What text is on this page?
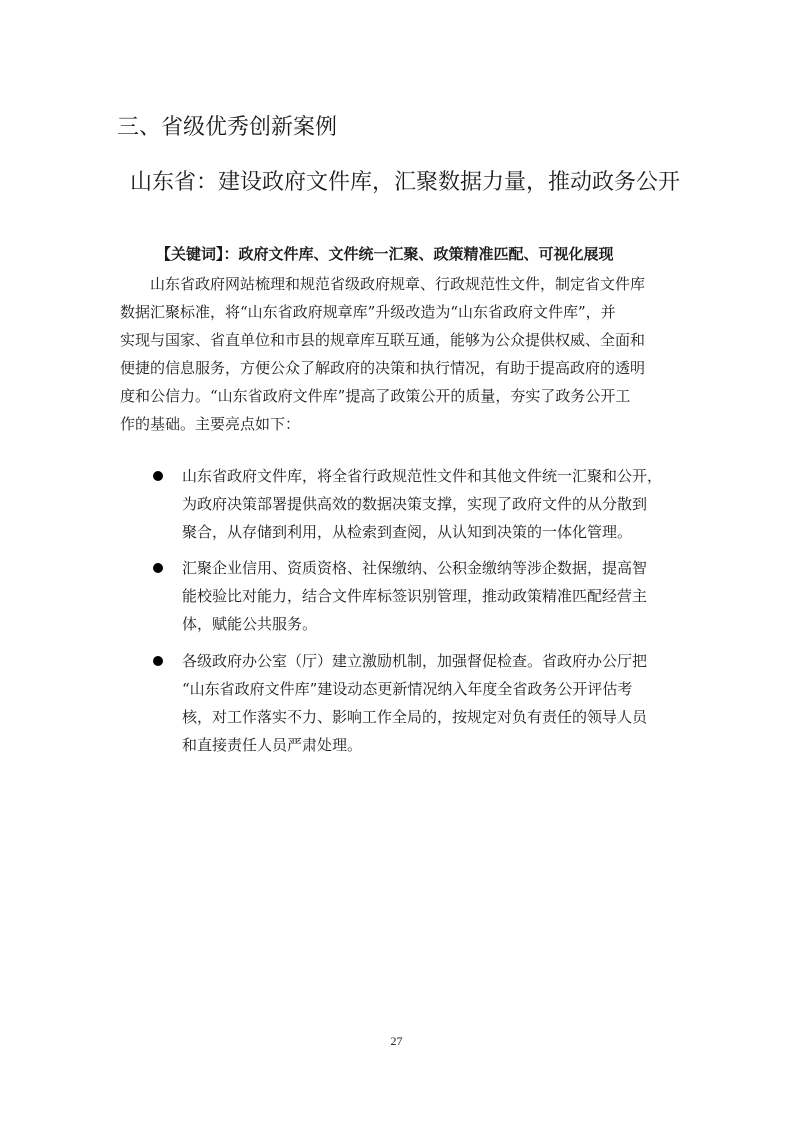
三、省级优秀创新案例
山东省：建设政府文件库，汇聚数据力量，推动政务公开
【关键词】：政府文件库、文件统一汇聚、政策精准匹配、可视化展现
山东省政府网站梳理和规范省级政府规章、行政规范性文件，制定省文件库
数据汇聚标准，将“山东省政府规章库”升级改造为“山东省政府文件库”，并
实现与国家、省直单位和市县的规章库互联互通，能够为公众提供权威、全面和
便捷的信息服务，方便公众了解政府的决策和执行情况，有助于提高政府的透明
度和公信力。“山东省政府文件库”提高了政策公开的质量，夯实了政务公开工
作的基础。主要亮点如下：
山东省政府文件库，将全省行政规范性文件和其他文件统一汇聚和公开，
为政府决策部署提供高效的数据决策支撑，实现了政府文件的从分散到
聚合，从存储到利用，从检索到查阅，从认知到决策的一体化管理。
汇聚企业信用、资质资格、社保缴纳、公积金缴纳等涉企数据，提高智
能校验比对能力，结合文件库标签识别管理，推动政策精准匹配经营主
体，赋能公共服务。
各级政府办公室（厅）建立激励机制，加强督促检查。省政府办公厅把
“山东省政府文件库”建设动态更新情况纳入年度全省政务公开评估考
核，对工作落实不力、影响工作全局的，按规定对负有责任的领导人员
和直接责任人员严肃处理。
27
